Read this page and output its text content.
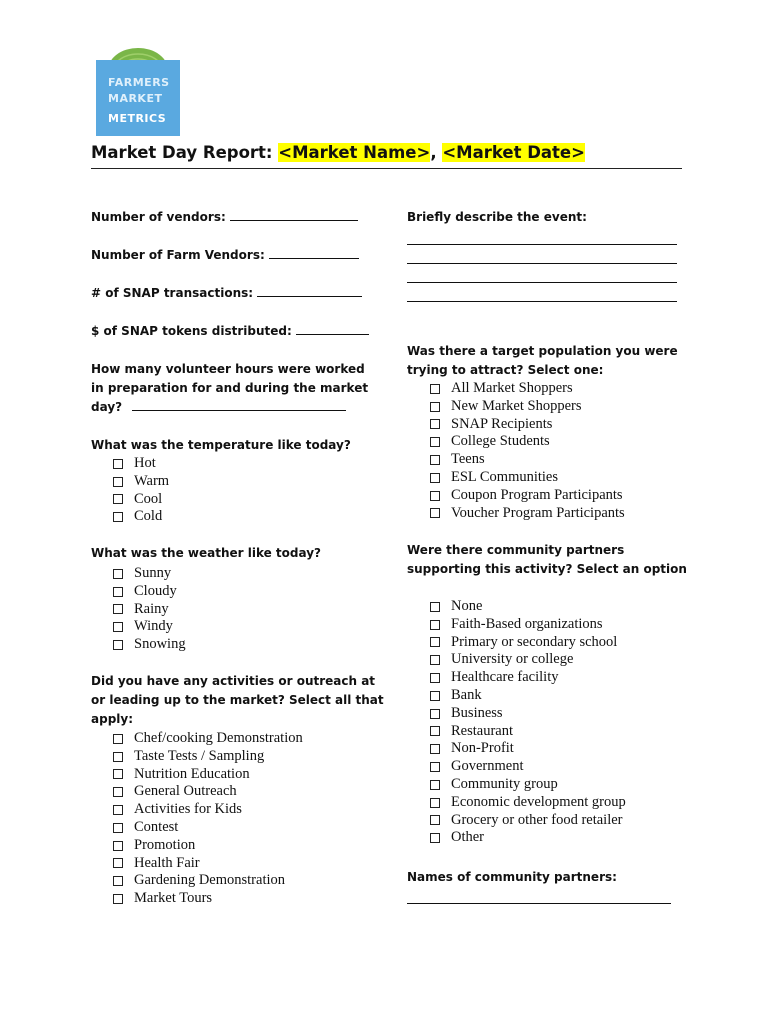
FARMERS
MARKET
METRICS
Market Day Report: <Market Name>, <Market Date>
Number of vendors:
Number of Farm Vendors:
# of SNAP transactions:
$ of SNAP tokens distributed:
How many volunteer hours were worked
in preparation for and during the market
day?
What was the temperature like today?
Hot
Warm
Cool
Cold
What was the weather like today?
Sunny
Cloudy
Rainy
Windy
Snowing
Did you have any activities or outreach at
or leading up to the market? Select all that
apply:
Chef/cooking Demonstration
Taste Tests / Sampling
Nutrition Education
General Outreach
Activities for Kids
Contest
Promotion
Health Fair
Gardening Demonstration
Market Tours
Briefly describe the event:
Was there a target population you were
trying to attract? Select one:
All Market Shoppers
New Market Shoppers
SNAP Recipients
College Students
Teens
ESL Communities
Coupon Program Participants
Voucher Program Participants
Were there community partners
supporting this activity? Select an option
None
Faith-Based organizations
Primary or secondary school
University or college
Healthcare facility
Bank
Business
Restaurant
Non-Profit
Government
Community group
Economic development group
Grocery or other food retailer
Other
Names of community partners:
